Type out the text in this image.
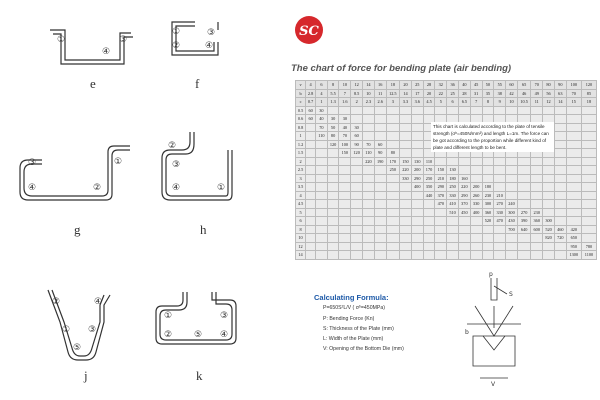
①	③
④
③
②	④
①
③	①
④	②
②
③
④	①
②	④
① ③
⑤
①	③
② ⑤ ④
e	f
g	h
j	k
SC
The chart of force for bending plate (air bending)
v	4	6	8	10	12	14	16	18	20	25	28	32	36	40	45	50	55	60	65	70	80	90	100	120
b	2.8	4	5.5	7	8.5	10	11	12.5	14	17	20	22	25	28	31	35	38	42	46	49	56	63	70	85
c	0.7	1	1.3	1.6	2	2.3	2.6	3	3.3	3.6	4.5	5	6	6.5	7	8	9	10	10.5	11	12	14	15	18
0.5	60	30																						
0.6	60	40	30	30																				
0.8		70	50	40	30																			
1		110	80	70	60																			
1.2			120	100	90	70	60																	
1.5				150	120	110	90	80																
2						220	190	170	150	130	110													
2.5								250	220	200	170	150	130											
3									330	290	250	210	180	160										
3.5										400	350	290	250	220	200	180								
4											440	370	330	290	260	230	210							
4.5												470	410	370	330	300	270	240						
5													510	450	400	360	330	300	270	230				
6																520	470	430	390	360	300			
8																		700	640	600	520	460	420	
10																					820	720	650	
12																							950	780
14																							1300	1100
This chart is calculated according to the plate of tensile strength (σᵇ=450N/mm²) and length L=1m. The force can be got according to the proportion while different kind of plate and different length to be bent.
Calculating Formula:
P=650S²L/V ( σᵇ=450MPa)
P: Bending Force (Kn)
S: Thickness of the Plate (mm)
L: Width of the Plate (mm)
V: Opening of the Bottom Die (mm)
p
S
b
V
